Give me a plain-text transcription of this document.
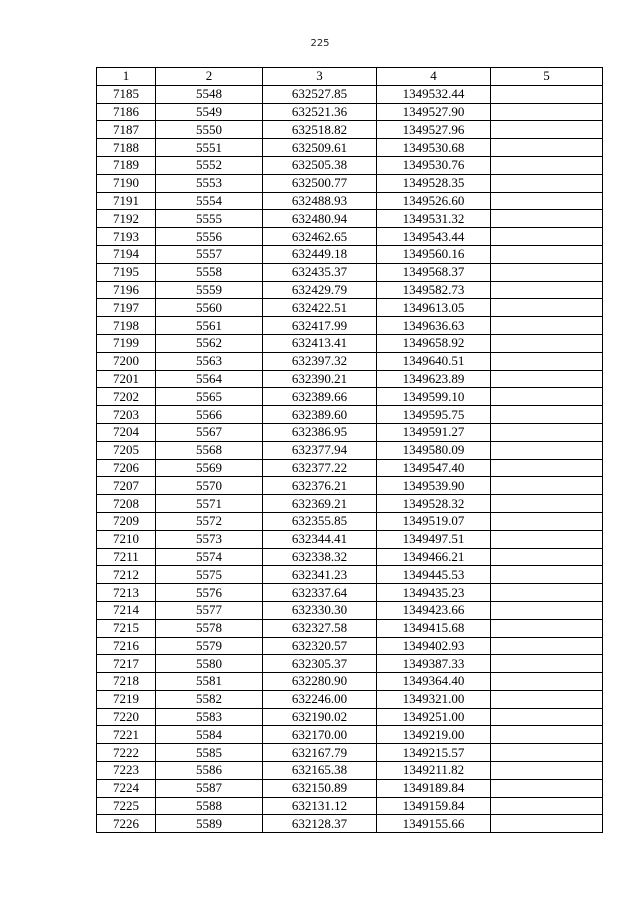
225
1	2	3	4	5
7185	5548	632527.85	1349532.44	
7186	5549	632521.36	1349527.90	
7187	5550	632518.82	1349527.96	
7188	5551	632509.61	1349530.68	
7189	5552	632505.38	1349530.76	
7190	5553	632500.77	1349528.35	
7191	5554	632488.93	1349526.60	
7192	5555	632480.94	1349531.32	
7193	5556	632462.65	1349543.44	
7194	5557	632449.18	1349560.16	
7195	5558	632435.37	1349568.37	
7196	5559	632429.79	1349582.73	
7197	5560	632422.51	1349613.05	
7198	5561	632417.99	1349636.63	
7199	5562	632413.41	1349658.92	
7200	5563	632397.32	1349640.51	
7201	5564	632390.21	1349623.89	
7202	5565	632389.66	1349599.10	
7203	5566	632389.60	1349595.75	
7204	5567	632386.95	1349591.27	
7205	5568	632377.94	1349580.09	
7206	5569	632377.22	1349547.40	
7207	5570	632376.21	1349539.90	
7208	5571	632369.21	1349528.32	
7209	5572	632355.85	1349519.07	
7210	5573	632344.41	1349497.51	
7211	5574	632338.32	1349466.21	
7212	5575	632341.23	1349445.53	
7213	5576	632337.64	1349435.23	
7214	5577	632330.30	1349423.66	
7215	5578	632327.58	1349415.68	
7216	5579	632320.57	1349402.93	
7217	5580	632305.37	1349387.33	
7218	5581	632280.90	1349364.40	
7219	5582	632246.00	1349321.00	
7220	5583	632190.02	1349251.00	
7221	5584	632170.00	1349219.00	
7222	5585	632167.79	1349215.57	
7223	5586	632165.38	1349211.82	
7224	5587	632150.89	1349189.84	
7225	5588	632131.12	1349159.84	
7226	5589	632128.37	1349155.66	
